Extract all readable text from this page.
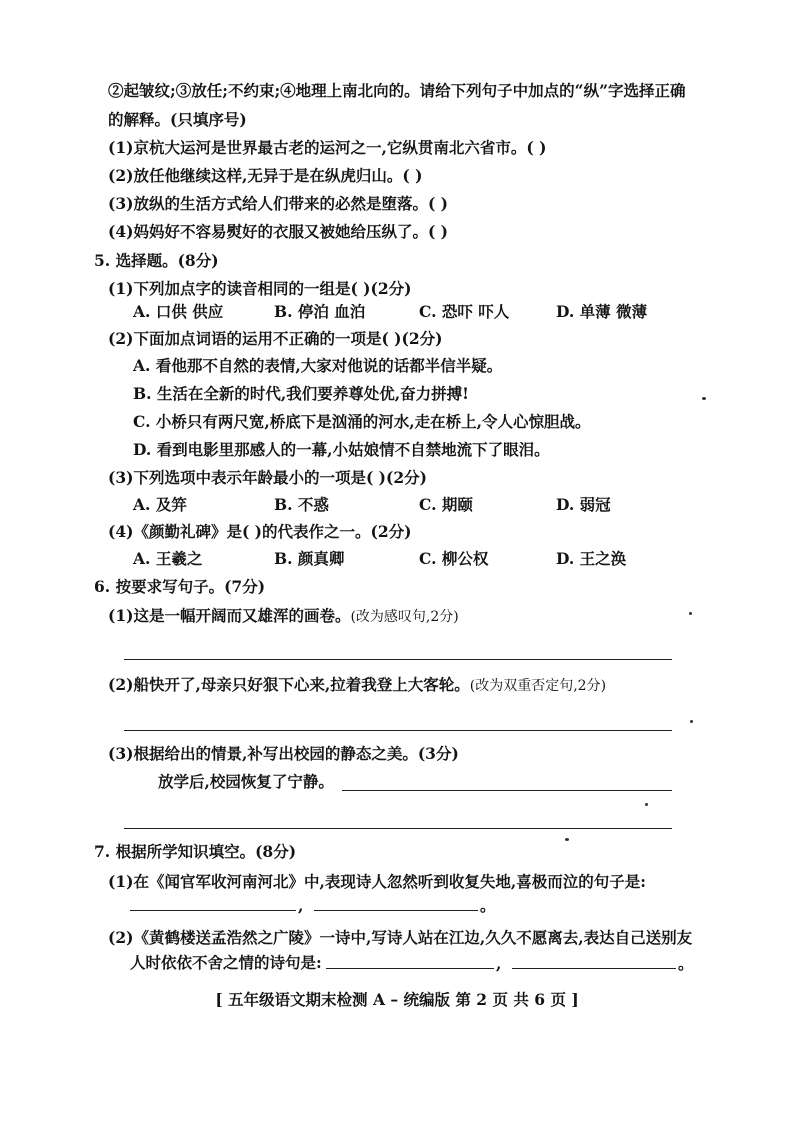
②起皱纹;③放任;不约束;④地理上南北向的。请给下列句子中加点的“纵”字选择正确
的解释。(只填序号)
(1)京杭大运河是世界最古老的运河之一,它纵贯南北六省市。( )
(2)放任他继续这样,无异于是在纵虎归山。( )
(3)放纵的生活方式给人们带来的必然是堕落。( )
(4)妈妈好不容易熨好的衣服又被她给压纵了。( )
5. 选择题。(8分)
(1)下列加点字的读音相同的一组是( )(2分)
A. 口供 供应	B. 停泊 血泊	C. 恐吓 吓人	D. 单薄 微薄
(2)下面加点词语的运用不正确的一项是( )(2分)
A. 看他那不自然的表情,大家对他说的话都半信半疑。
B. 生活在全新的时代,我们要养尊处优,奋力拼搏!
C. 小桥只有两尺宽,桥底下是汹涌的河水,走在桥上,令人心惊胆战。
D. 看到电影里那感人的一幕,小姑娘情不自禁地流下了眼泪。
(3)下列选项中表示年龄最小的一项是( )(2分)
A. 及笄	B. 不惑	C. 期颐	D. 弱冠
(4)《颜勤礼碑》是( )的代表作之一。(2分)
A. 王羲之	B. 颜真卿	C. 柳公权	D. 王之涣
6. 按要求写句子。(7分)
(1)这是一幅开阔而又雄浑的画卷。(改为感叹句,2分)
(2)船快开了,母亲只好狠下心来,拉着我登上大客轮。(改为双重否定句,2分)
(3)根据给出的情景,补写出校园的静态之美。(3分)
放学后,校园恢复了宁静。
7. 根据所学知识填空。(8分)
(1)在《闻官军收河南河北》中,表现诗人忽然听到收复失地,喜极而泣的句子是:
,	。
(2)《黄鹤楼送孟浩然之广陵》一诗中,写诗人站在江边,久久不愿离去,表达自己送别友
人时依依不舍之情的诗句是:	,	。
[ 五年级语文期末检测 A – 统编版 第 2 页 共 6 页 ]
